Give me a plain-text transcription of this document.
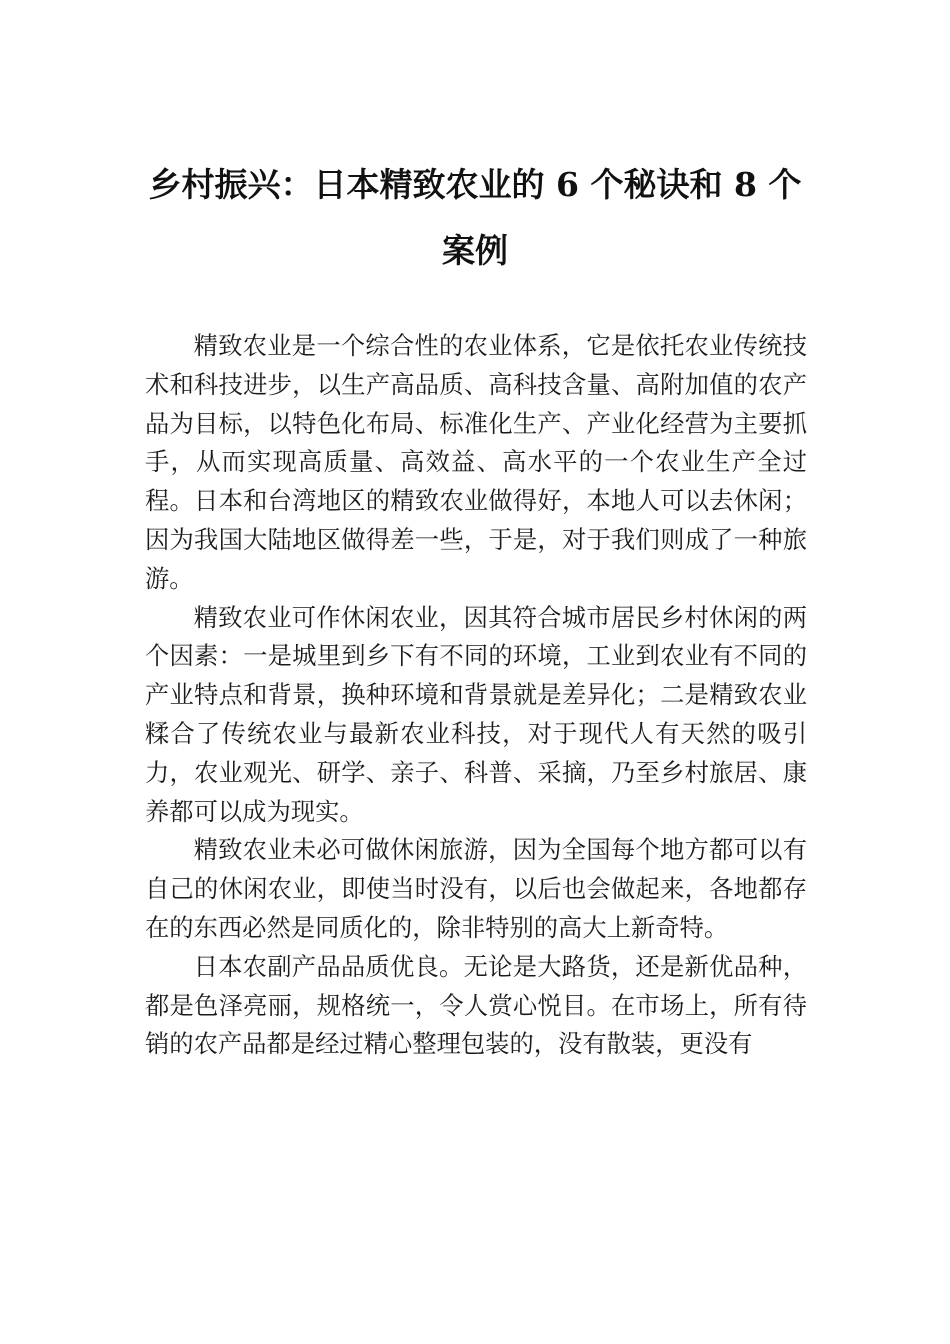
乡村振兴：日本精致农业的 6 个秘诀和 8 个案例

精致农业是一个综合性的农业体系，它是依托农业传统技术和科技进步，以生产高品质、高科技含量、高附加值的农产品为目标，以特色化布局、标准化生产、产业化经营为主要抓手，从而实现高质量、高效益、高水平的一个农业生产全过程。日本和台湾地区的精致农业做得好，本地人可以去休闲；因为我国大陆地区做得差一些，于是，对于我们则成了一种旅游。

精致农业可作休闲农业，因其符合城市居民乡村休闲的两个因素：一是城里到乡下有不同的环境，工业到农业有不同的产业特点和背景，换种环境和背景就是差异化；二是精致农业糅合了传统农业与最新农业科技，对于现代人有天然的吸引力，农业观光、研学、亲子、科普、采摘，乃至乡村旅居、康养都可以成为现实。

精致农业未必可做休闲旅游，因为全国每个地方都可以有自己的休闲农业，即使当时没有，以后也会做起来，各地都存在的东西必然是同质化的，除非特别的高大上新奇特。

日本农副产品品质优良。无论是大路货，还是新优品种，都是色泽亮丽，规格统一，令人赏心悦目。在市场上，所有待销的农产品都是经过精心整理包装的，没有散装，更没有
